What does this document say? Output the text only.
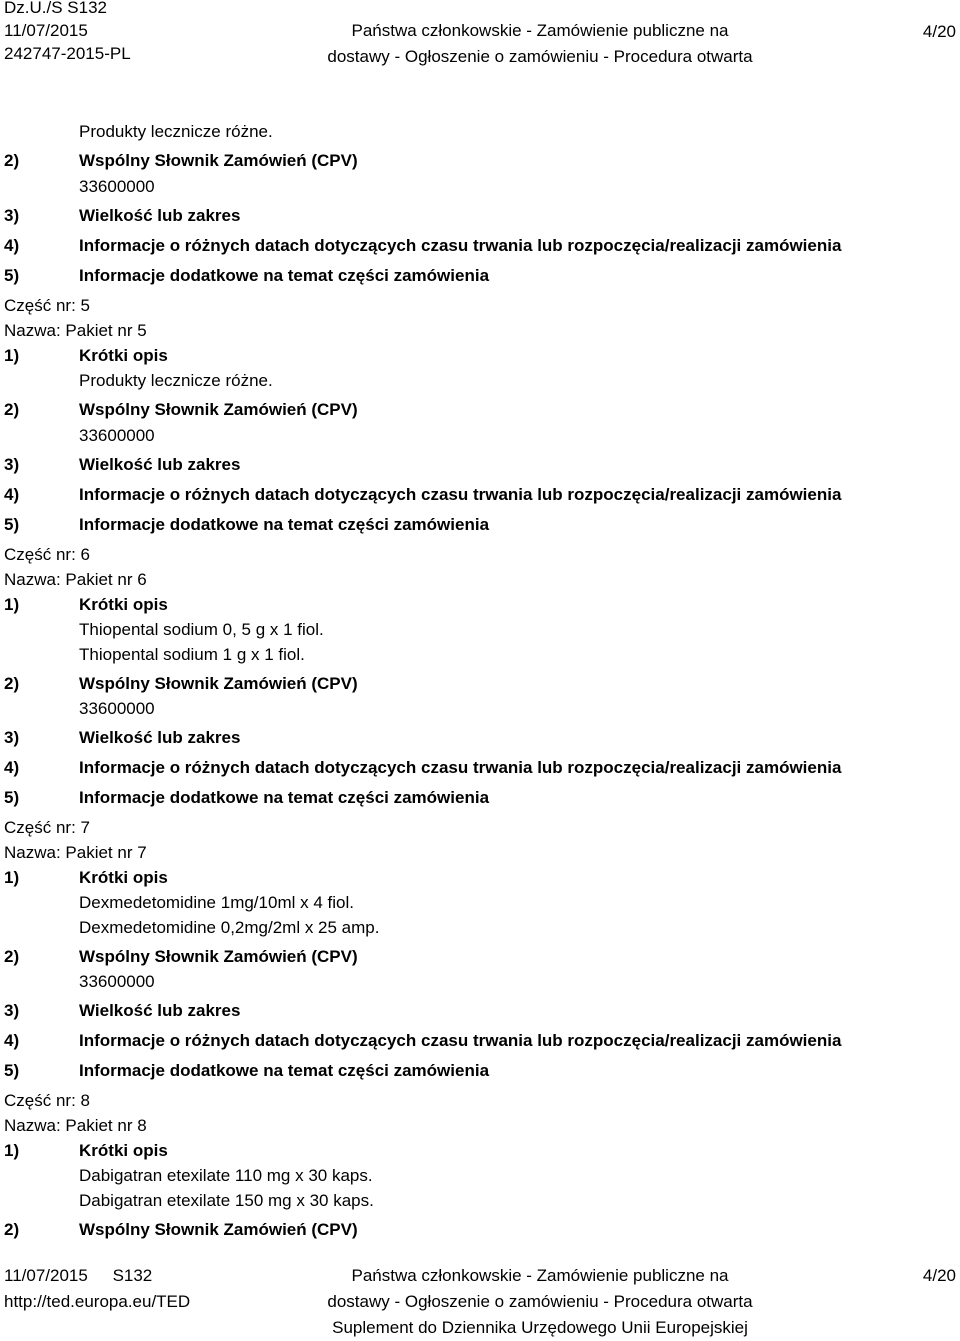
Dz.U./S S132
11/07/2015
242747-2015-PL
Państwa członkowskie - Zamówienie publiczne na
dostawy - Ogłoszenie o zamówieniu - Procedura otwarta
4/20
Produkty lecznicze różne.
2)	Wspólny Słownik Zamówień (CPV)
33600000
3)	Wielkość lub zakres
4)	Informacje o różnych datach dotyczących czasu trwania lub rozpoczęcia/realizacji zamówienia
5)	Informacje dodatkowe na temat części zamówienia
Część nr: 5
Nazwa: Pakiet nr 5
1)	Krótki opis
Produkty lecznicze różne.
2)	Wspólny Słownik Zamówień (CPV)
33600000
3)	Wielkość lub zakres
4)	Informacje o różnych datach dotyczących czasu trwania lub rozpoczęcia/realizacji zamówienia
5)	Informacje dodatkowe na temat części zamówienia
Część nr: 6
Nazwa: Pakiet nr 6
1)	Krótki opis
Thiopental sodium 0, 5 g x 1 fiol.
Thiopental sodium 1 g x 1 fiol.
2)	Wspólny Słownik Zamówień (CPV)
33600000
3)	Wielkość lub zakres
4)	Informacje o różnych datach dotyczących czasu trwania lub rozpoczęcia/realizacji zamówienia
5)	Informacje dodatkowe na temat części zamówienia
Część nr: 7
Nazwa: Pakiet nr 7
1)	Krótki opis
Dexmedetomidine 1mg/10ml x 4 fiol.
Dexmedetomidine 0,2mg/2ml x 25 amp.
2)	Wspólny Słownik Zamówień (CPV)
33600000
3)	Wielkość lub zakres
4)	Informacje o różnych datach dotyczących czasu trwania lub rozpoczęcia/realizacji zamówienia
5)	Informacje dodatkowe na temat części zamówienia
Część nr: 8
Nazwa: Pakiet nr 8
1)	Krótki opis
Dabigatran etexilate 110 mg x 30 kaps.
Dabigatran etexilate 150 mg x 30 kaps.
2)	Wspólny Słownik Zamówień (CPV)
11/07/2015 S132
http://ted.europa.eu/TED
Państwa członkowskie - Zamówienie publiczne na
dostawy - Ogłoszenie o zamówieniu - Procedura otwarta
Suplement do Dziennika Urzędowego Unii Europejskiej
4/20
